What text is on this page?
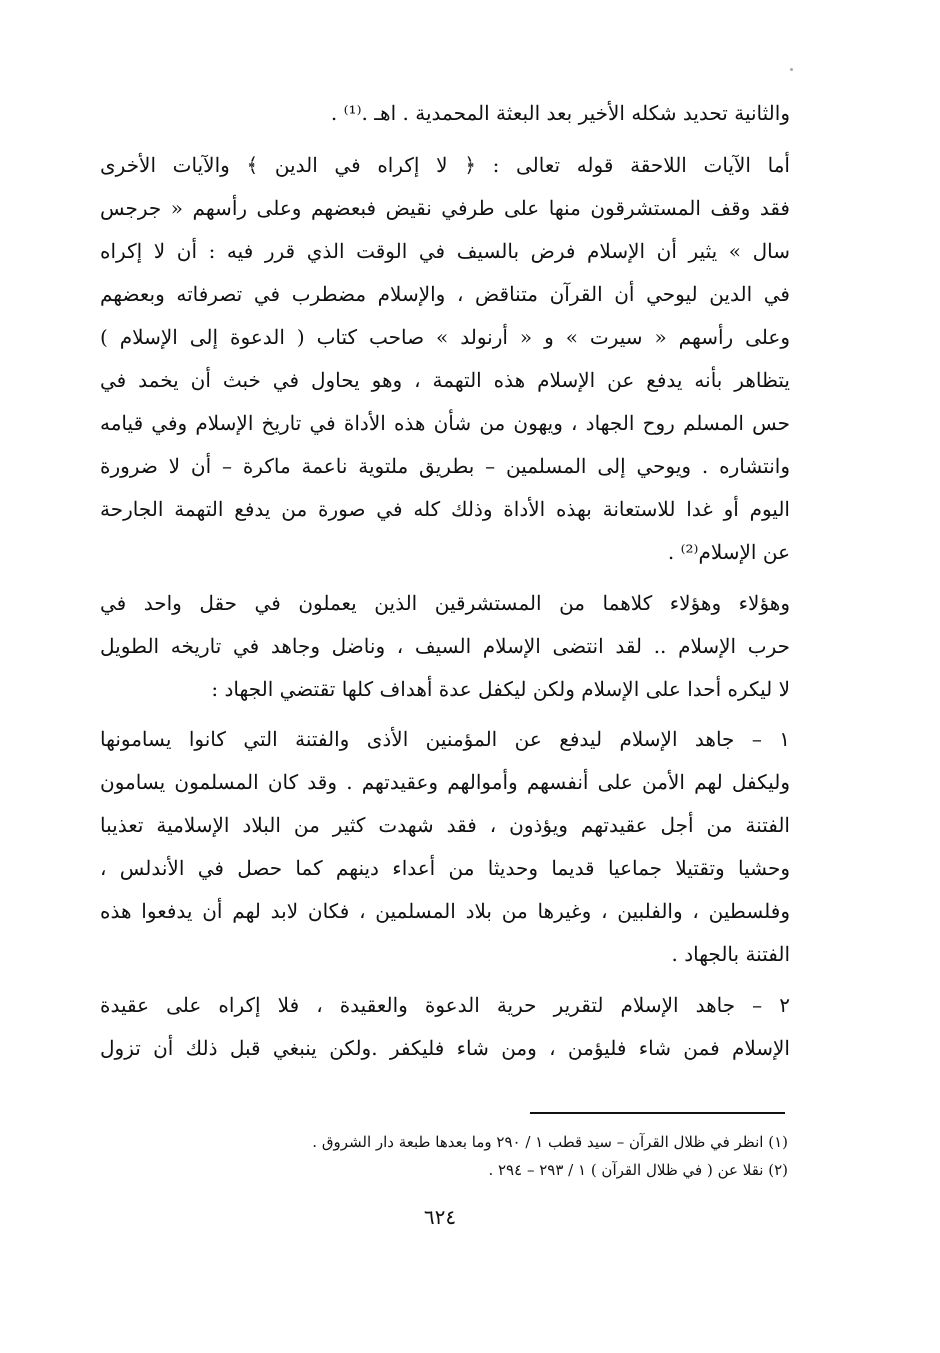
والثانية تحديد شكله الأخير بعد البعثة المحمدية . اهـ .⁽¹⁾ .
أما الآيات اللاحقة قوله تعالى : ﴿ لا إكراه في الدين ﴾ والآيات الأخرى
فقد وقف المستشرقون منها على طرفي نقيض فبعضهم وعلى رأسهم « جرجس
سال » يثير أن الإسلام فرض بالسيف في الوقت الذي قرر فيه : أن لا إكراه
في الدين ليوحي أن القرآن متناقض ، والإسلام مضطرب في تصرفاته وبعضهم
وعلى رأسهم « سيرت » و « أرنولد » صاحب كتاب ( الدعوة إلى الإسلام )
يتظاهر بأنه يدفع عن الإسلام هذه التهمة ، وهو يحاول في خبث أن يخمد في
حس المسلم روح الجهاد ، ويهون من شأن هذه الأداة في تاريخ الإسلام وفي قيامه
وانتشاره . ويوحي إلى المسلمين – بطريق ملتوية ناعمة ماكرة – أن لا ضرورة
اليوم أو غدا للاستعانة بهذه الأداة وذلك كله في صورة من يدفع التهمة الجارحة
عن الإسلام⁽²⁾ .
وهؤلاء وهؤلاء كلاهما من المستشرقين الذين يعملون في حقل واحد في
حرب الإسلام .. لقد انتضى الإسلام السيف ، وناضل وجاهد في تاريخه الطويل
لا ليكره أحدا على الإسلام ولكن ليكفل عدة أهداف كلها تقتضي الجهاد :
١ – جاهد الإسلام ليدفع عن المؤمنين الأذى والفتنة التي كانوا يسامونها
وليكفل لهم الأمن على أنفسهم وأموالهم وعقيدتهم . وقد كان المسلمون يسامون
الفتنة من أجل عقيدتهم ويؤذون ، فقد شهدت كثير من البلاد الإسلامية تعذيبا
وحشيا وتقتيلا جماعيا قديما وحديثا من أعداء دينهم كما حصل في الأندلس ،
وفلسطين ، والفلبين ، وغيرها من بلاد المسلمين ، فكان لابد لهم أن يدفعوا هذه
الفتنة بالجهاد .
٢ – جاهد الإسلام لتقرير حرية الدعوة والعقيدة ، فلا إكراه على عقيدة
الإسلام فمن شاء فليؤمن ، ومن شاء فليكفر .ولكن ينبغي قبل ذلك أن تزول
(١) انظر في ظلال القرآن – سيد قطب ١ / ٢٩٠ وما بعدها طبعة دار الشروق .
(٢) نقلا عن ( في ظلال القرآن ) ١ / ٢٩٣ – ٢٩٤ .
٦٢٤
